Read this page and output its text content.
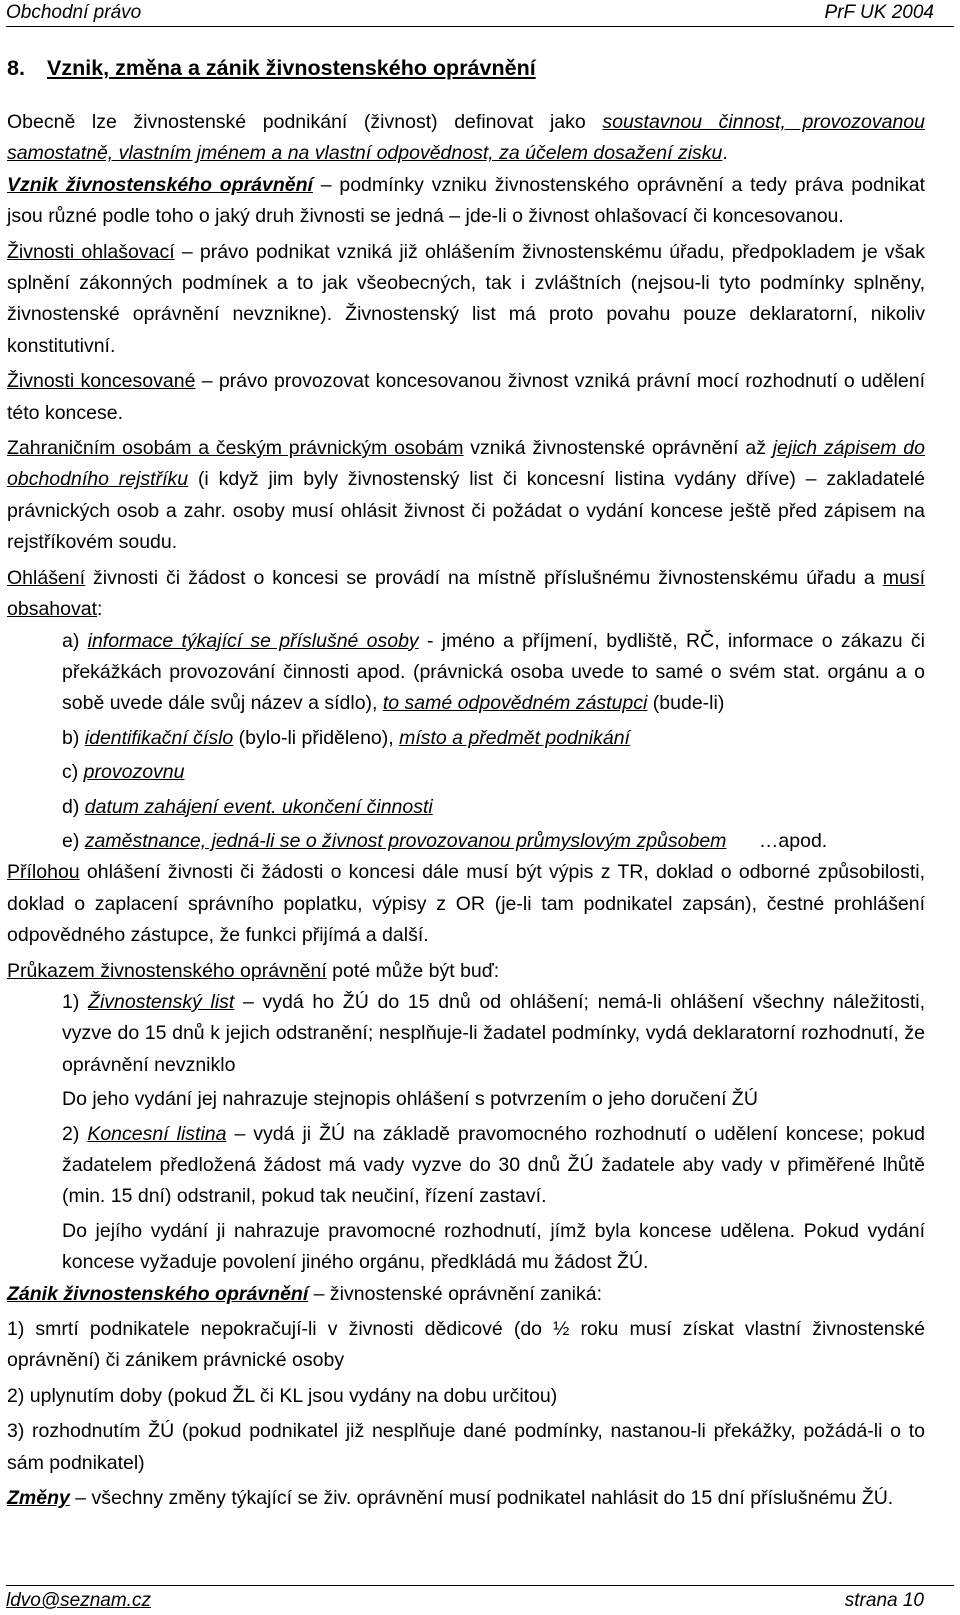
Obchodní právo	PrF UK 2004
8. Vznik, změna a zánik živnostenského oprávnění

Obecně lze živnostenské podnikání (živnost) definovat jako soustavnou činnost, provozovanou samostatně, vlastním jménem a na vlastní odpovědnost, za účelem dosažení zisku.

Vznik živnostenského oprávnění – podmínky vzniku živnostenského oprávnění a tedy práva podnikat jsou různé podle toho o jaký druh živnosti se jedná – jde-li o živnost ohlašovací či koncesovanou.

Živnosti ohlašovací – právo podnikat vzniká již ohlášením živnostenskému úřadu, předpokladem je však splnění zákonných podmínek a to jak všeobecných, tak i zvláštních (nejsou-li tyto podmínky splněny, živnostenské oprávnění nevznikne). Živnostenský list má proto povahu pouze deklaratorní, nikoliv konstitutivní.

Živnosti koncesované – právo provozovat koncesovanou živnost vzniká právní mocí rozhodnutí o udělení této koncese.

Zahraničním osobám a českým právnickým osobám vzniká živnostenské oprávnění až jejich zápisem do obchodního rejstříku (i když jim byly živnostenský list či koncesní listina vydány dříve) – zakladatelé právnických osob a zahr. osoby musí ohlásit živnost či požádat o vydání koncese ještě před zápisem na rejstříkovém soudu.

Ohlášení živnosti či žádost o koncesi se provádí na místně příslušnému živnostenskému úřadu a musí obsahovat:

a) informace týkající se příslušné osoby - jméno a příjmení, bydliště, RČ, informace o zákazu či překážkách provozování činnosti apod. (právnická osoba uvede to samé o svém stat. orgánu a o sobě uvede dále svůj název a sídlo), to samé odpovědném zástupci (bude-li)

b) identifikační číslo (bylo-li přiděleno), místo a předmět podnikání

c) provozovnu

d) datum zahájení event. ukončení činnosti

e) zaměstnance, jedná-li se o živnost provozovanou průmyslovým způsobem      …apod.

Přílohou ohlášení živnosti či žádosti o koncesi dále musí být výpis z TR, doklad o odborné způsobilosti, doklad o zaplacení správního poplatku, výpisy z OR (je-li tam podnikatel zapsán), čestné prohlášení odpovědného zástupce, že funkci přijímá a další.

Průkazem živnostenského oprávnění poté může být buď:

1) Živnostenský list – vydá ho ŽÚ do 15 dnů od ohlášení; nemá-li ohlášení všechny náležitosti, vyzve do 15 dnů k jejich odstranění; nesplňuje-li žadatel podmínky, vydá deklaratorní rozhodnutí, že oprávnění nevzniklo

Do jeho vydání jej nahrazuje stejnopis ohlášení s potvrzením o jeho doručení ŽÚ

2) Koncesní listina – vydá ji ŽÚ na základě pravomocného rozhodnutí o udělení koncese; pokud žadatelem předložená žádost má vady vyzve do 30 dnů ŽÚ žadatele aby vady v přiměřené lhůtě (min. 15 dní) odstranil, pokud tak neučiní, řízení zastaví.

Do jejího vydání ji nahrazuje pravomocné rozhodnutí, jímž byla koncese udělena. Pokud vydání koncese vyžaduje povolení jiného orgánu, předkládá mu žádost ŽÚ.

Zánik živnostenského oprávnění – živnostenské oprávnění zaniká:

1) smrtí podnikatele nepokračují-li v živnosti dědicové (do ½ roku musí získat vlastní živnostenské oprávnění) či zánikem právnické osoby

2) uplynutím doby (pokud ŽL či KL jsou vydány na dobu určitou)

3) rozhodnutím ŽÚ (pokud podnikatel již nesplňuje dané podmínky, nastanou-li překážky, požádá-li o to sám podnikatel)

Změny – všechny změny týkající se živ. oprávnění musí podnikatel nahlásit do 15 dní příslušnému ŽÚ.

ldvo@seznam.cz	strana 10
